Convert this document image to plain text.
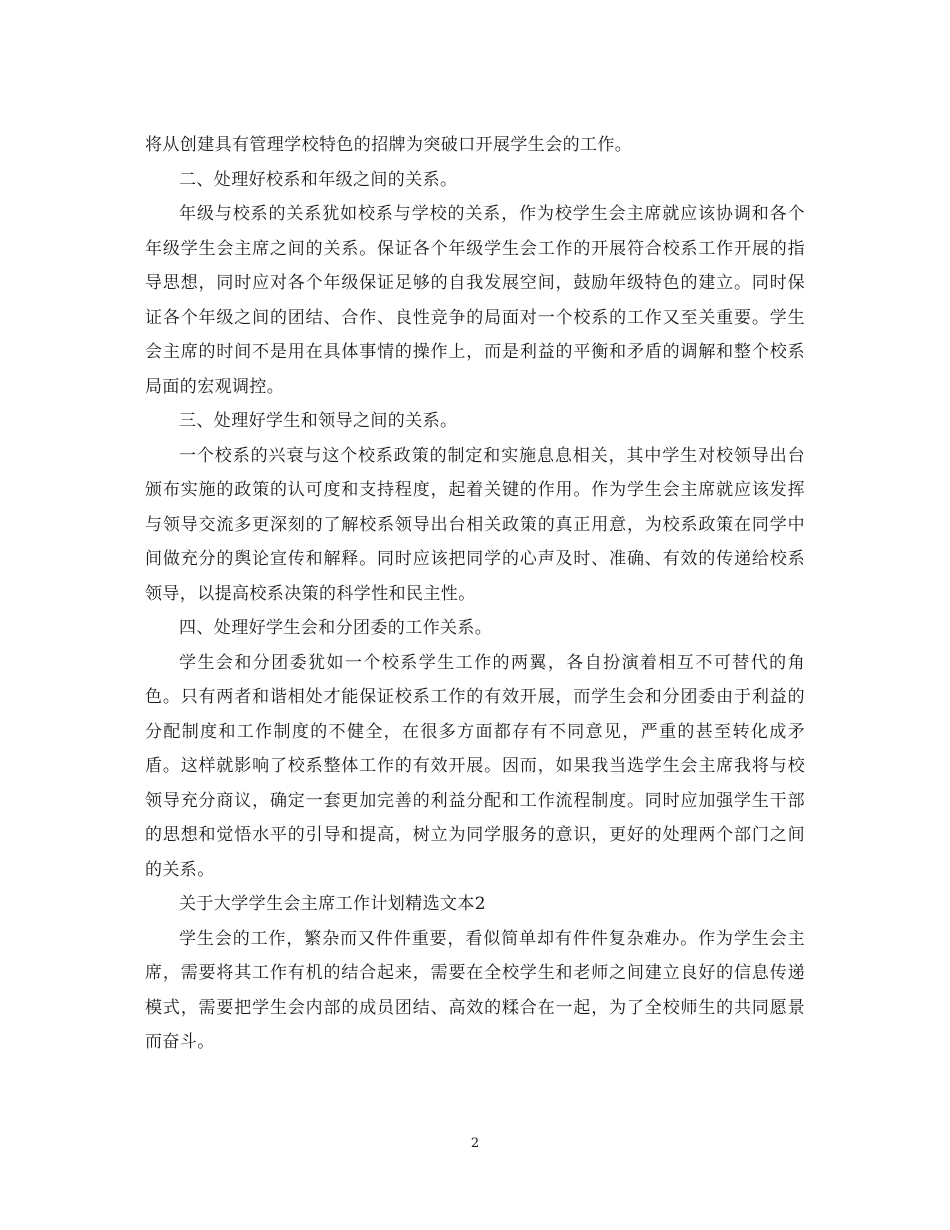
将从创建具有管理学校特色的招牌为突破口开展学生会的工作。

二、处理好校系和年级之间的关系。

年级与校系的关系犹如校系与学校的关系，作为校学生会主席就应该协调和各个年级学生会主席之间的关系。保证各个年级学生会工作的开展符合校系工作开展的指导思想，同时应对各个年级保证足够的自我发展空间，鼓励年级特色的建立。同时保证各个年级之间的团结、合作、良性竞争的局面对一个校系的工作又至关重要。学生会主席的时间不是用在具体事情的操作上，而是利益的平衡和矛盾的调解和整个校系局面的宏观调控。

三、处理好学生和领导之间的关系。

一个校系的兴衰与这个校系政策的制定和实施息息相关，其中学生对校领导出台颁布实施的政策的认可度和支持程度，起着关键的作用。作为学生会主席就应该发挥与领导交流多更深刻的了解校系领导出台相关政策的真正用意，为校系政策在同学中间做充分的舆论宣传和解释。同时应该把同学的心声及时、准确、有效的传递给校系领导，以提高校系决策的科学性和民主性。

四、处理好学生会和分团委的工作关系。

学生会和分团委犹如一个校系学生工作的两翼，各自扮演着相互不可替代的角色。只有两者和谐相处才能保证校系工作的有效开展，而学生会和分团委由于利益的分配制度和工作制度的不健全，在很多方面都存有不同意见，严重的甚至转化成矛盾。这样就影响了校系整体工作的有效开展。因而，如果我当选学生会主席我将与校领导充分商议，确定一套更加完善的利益分配和工作流程制度。同时应加强学生干部的思想和觉悟水平的引导和提高，树立为同学服务的意识，更好的处理两个部门之间的关系。

关于大学学生会主席工作计划精选文本2

学生会的工作，繁杂而又件件重要，看似简单却有件件复杂难办。作为学生会主席，需要将其工作有机的结合起来，需要在全校学生和老师之间建立良好的信息传递模式，需要把学生会内部的成员团结、高效的糅合在一起，为了全校师生的共同愿景而奋斗。

2
